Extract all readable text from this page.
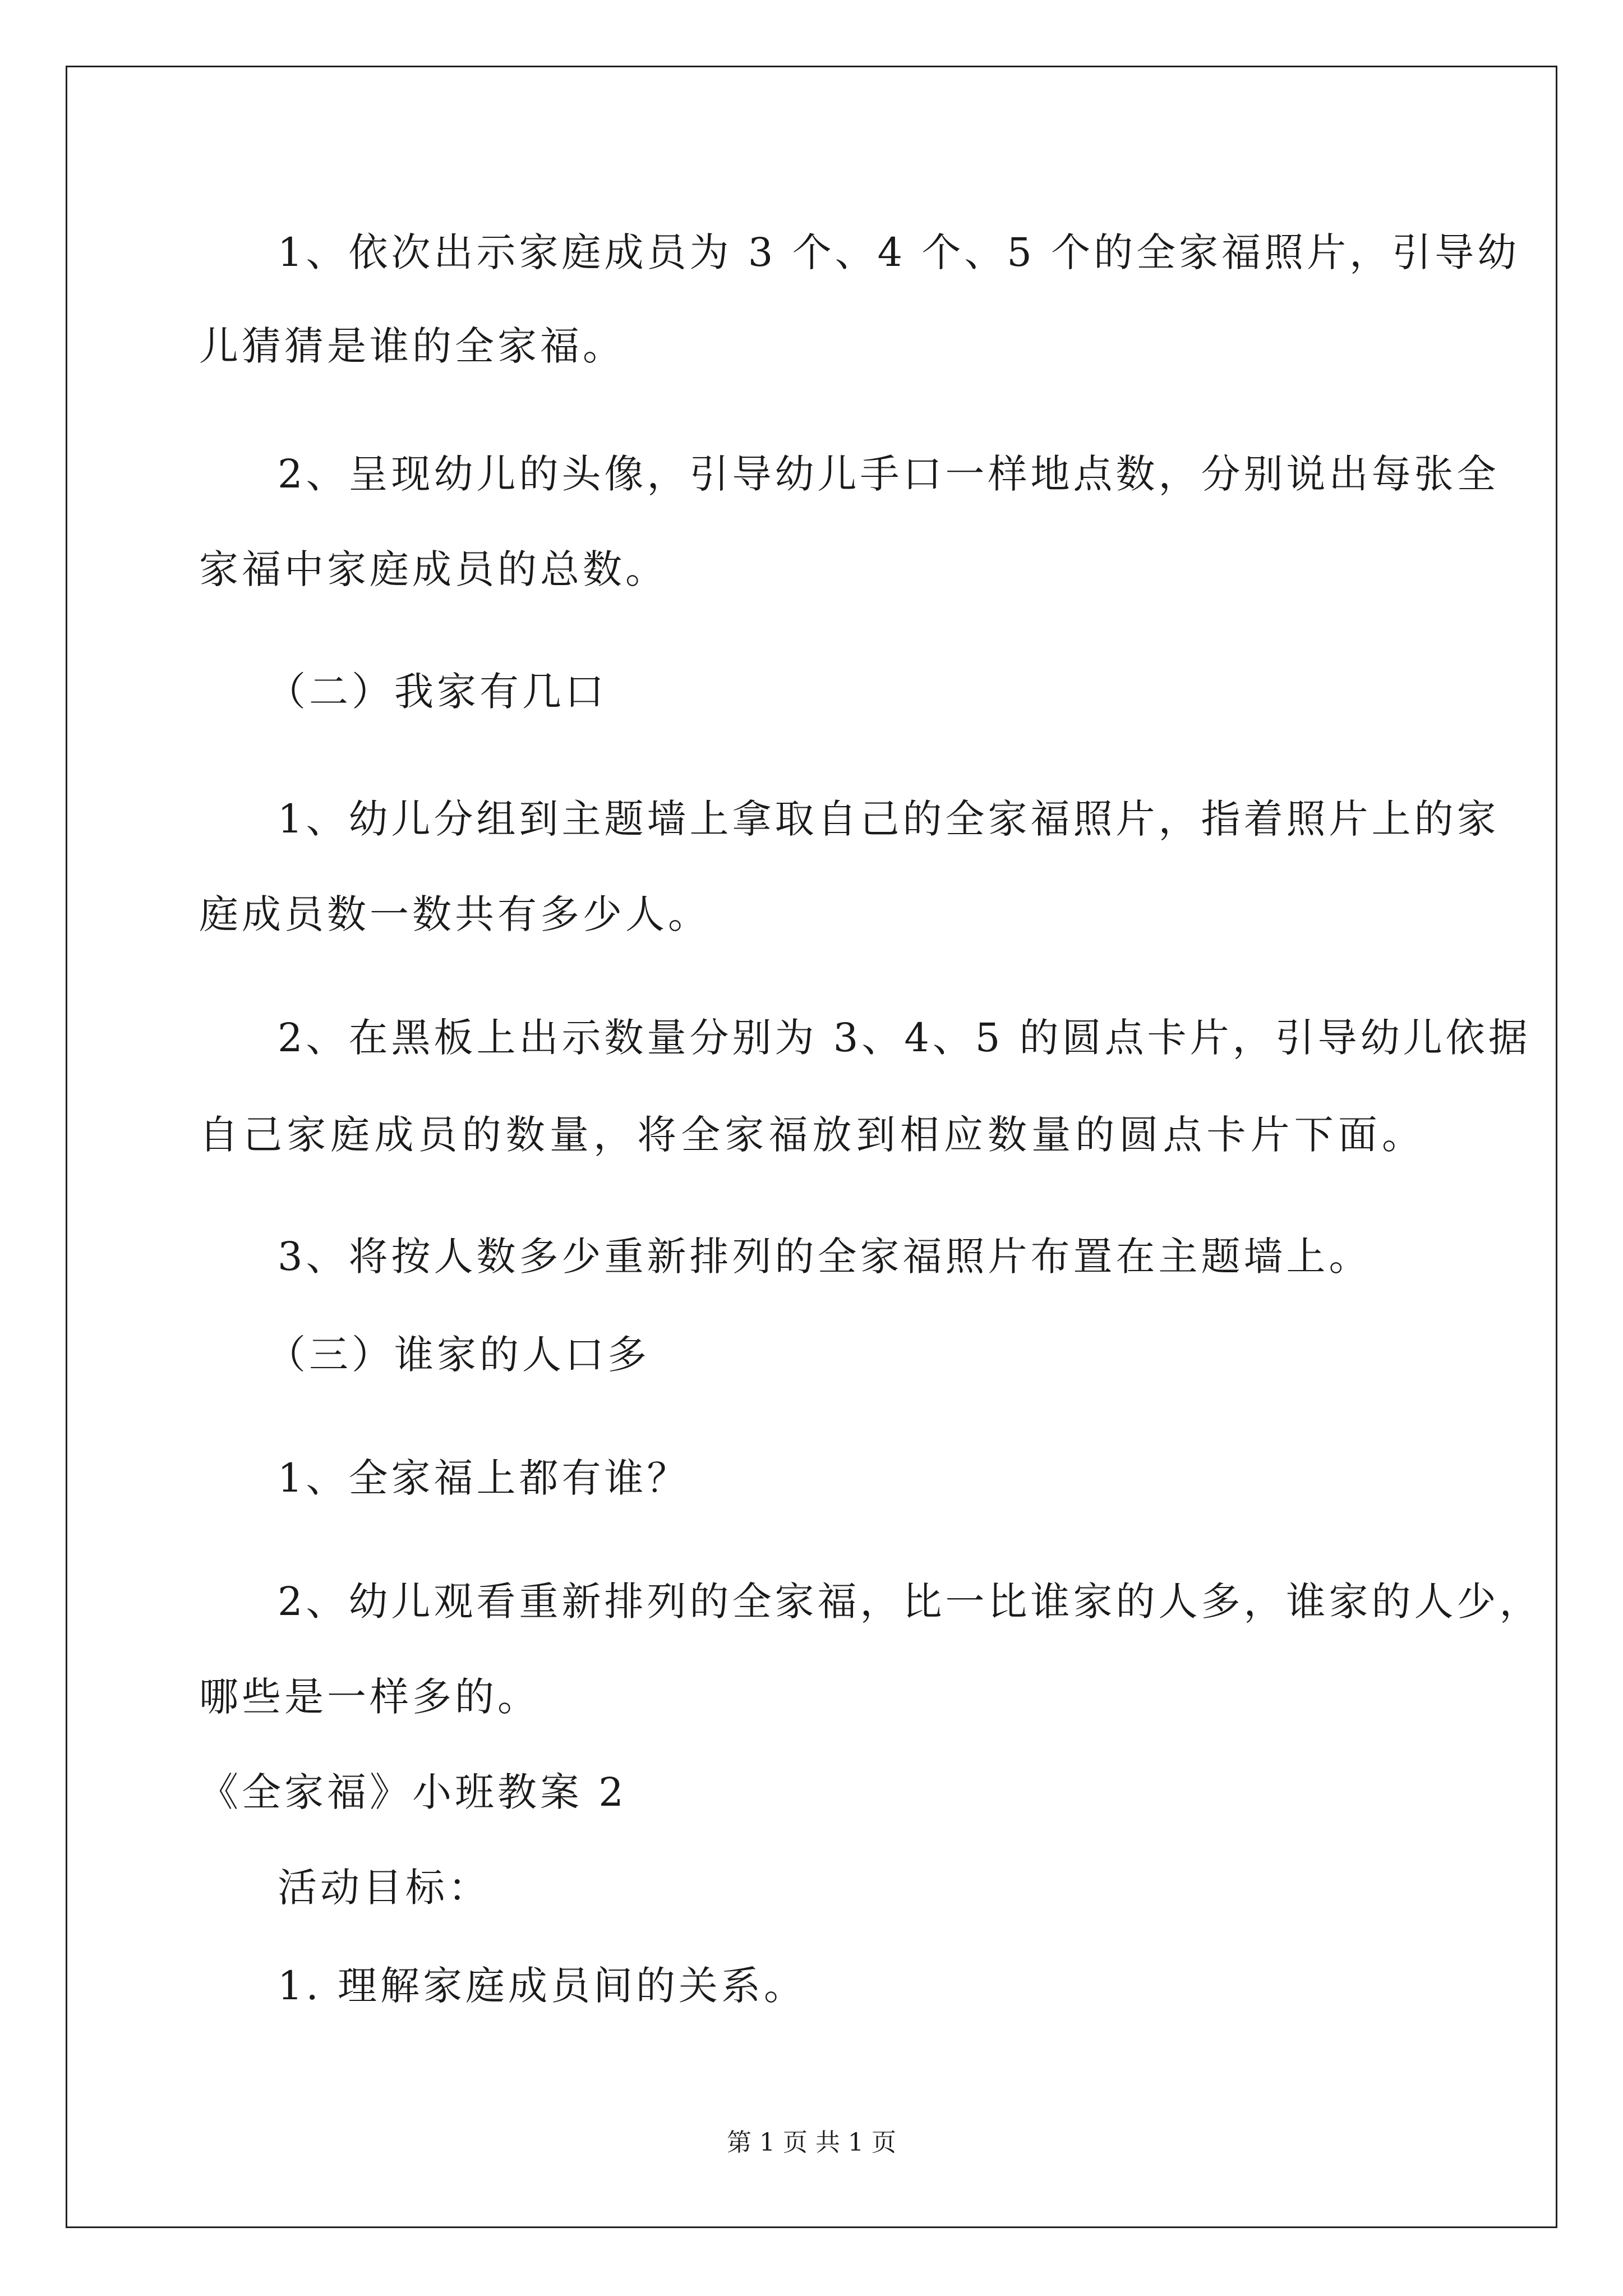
1、依次出示家庭成员为 3 个、4 个、5 个的全家福照片，引导幼
儿猜猜是谁的全家福。
2、呈现幼儿的头像，引导幼儿手口一样地点数，分别说出每张全
家福中家庭成员的总数。
（二）我家有几口
1、幼儿分组到主题墙上拿取自己的全家福照片，指着照片上的家
庭成员数一数共有多少人。
2、在黑板上出示数量分别为 3、4、5 的圆点卡片，引导幼儿依据
自己家庭成员的数量，将全家福放到相应数量的圆点卡片下面。
3、将按人数多少重新排列的全家福照片布置在主题墙上。
（三）谁家的人口多
1、全家福上都有谁？
2、幼儿观看重新排列的全家福，比一比谁家的人多，谁家的人少，
哪些是一样多的。
《全家福》小班教案 2
活动目标：
1. 理解家庭成员间的关系。
第 1 页 共 1 页
